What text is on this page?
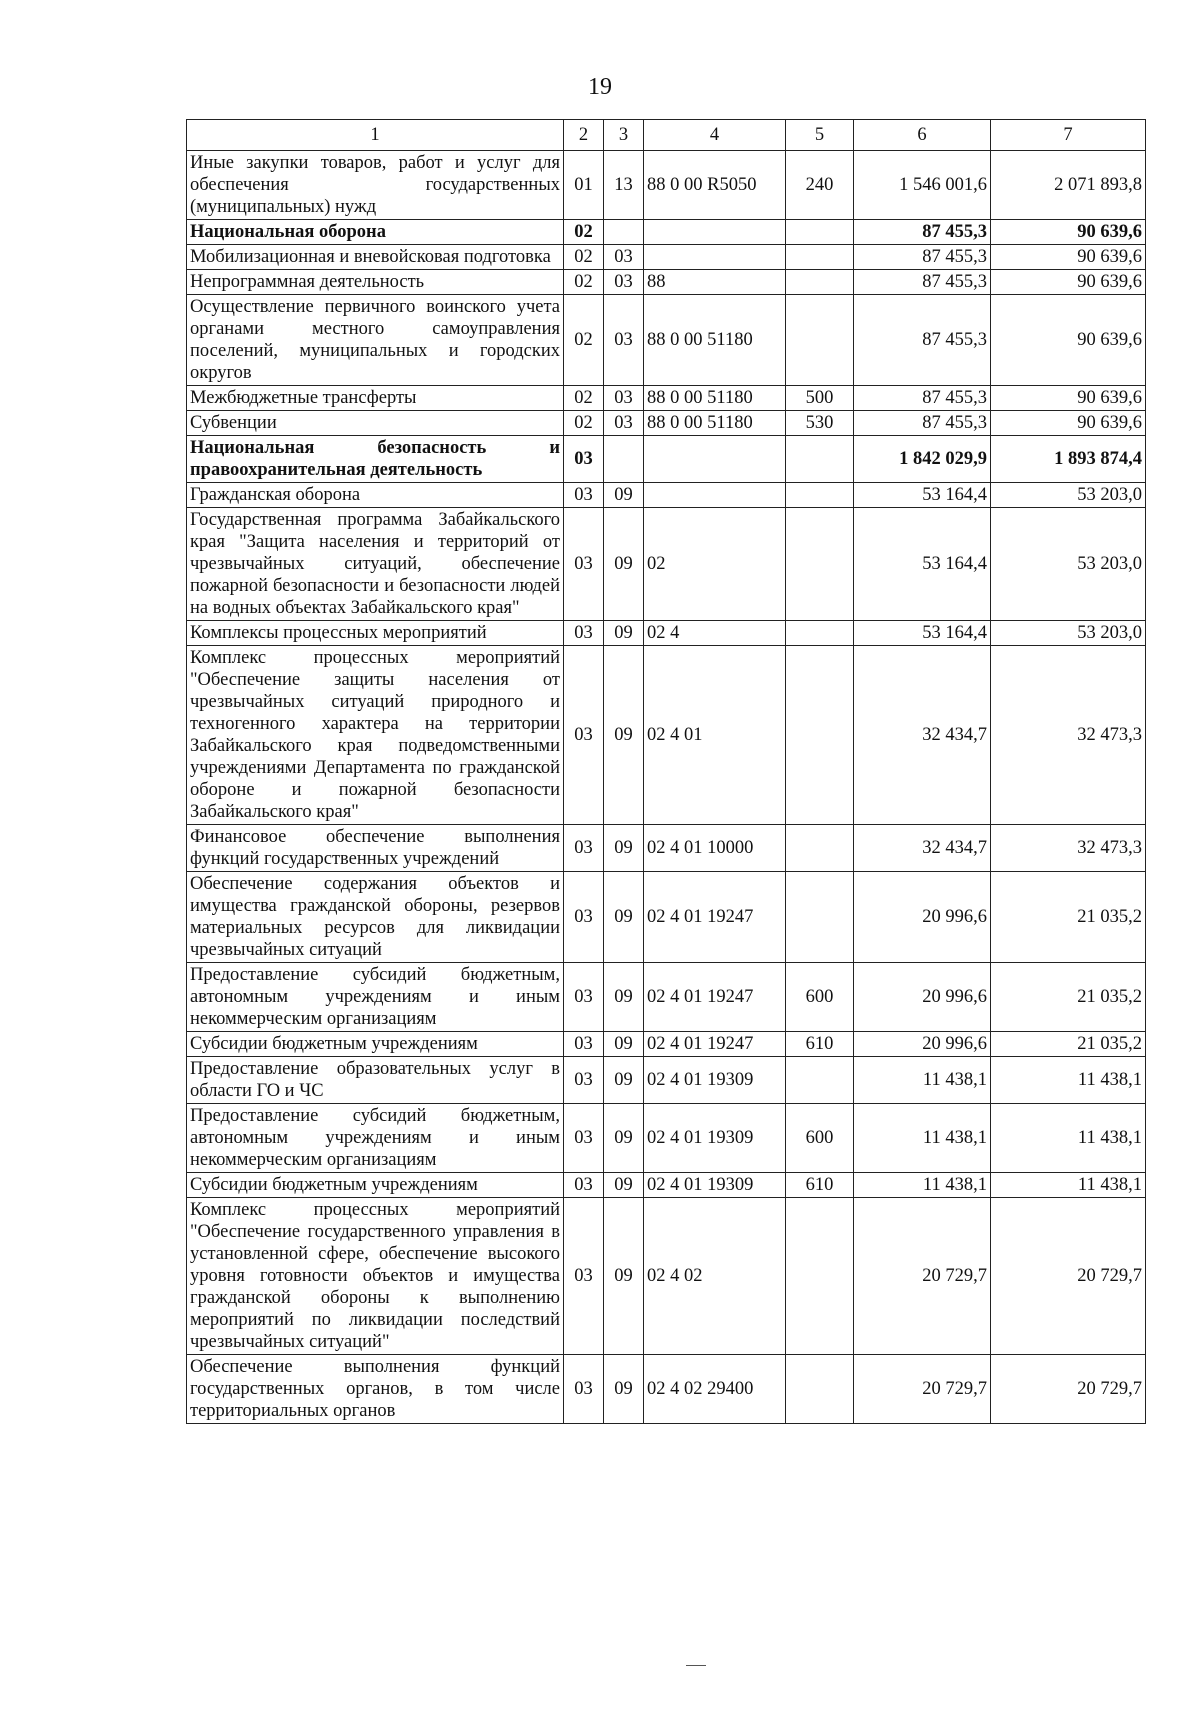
19
1	2	3	4	5	6	7
Иные закупки товаров, работ и услуг для обеспечения государственных (муниципальных) нужд	01	13	88 0 00 R5050	240	1 546 001,6	2 071 893,8
Национальная оборона	02				87 455,3	90 639,6
Мобилизационная и вневойсковая подготовка	02	03			87 455,3	90 639,6
Непрограммная деятельность	02	03	88		87 455,3	90 639,6
Осуществление первичного воинского учета органами местного самоуправления поселений, муниципальных и городских округов	02	03	88 0 00 51180		87 455,3	90 639,6
Межбюджетные трансферты	02	03	88 0 00 51180	500	87 455,3	90 639,6
Субвенции	02	03	88 0 00 51180	530	87 455,3	90 639,6
Национальная безопасность и правоохранительная деятельность	03				1 842 029,9	1 893 874,4
Гражданская оборона	03	09			53 164,4	53 203,0
Государственная программа Забайкальского края "Защита населения и территорий от чрезвычайных ситуаций, обеспечение пожарной безопасности и безопасности людей на водных объектах Забайкальского края"	03	09	02		53 164,4	53 203,0
Комплексы процессных мероприятий	03	09	02 4		53 164,4	53 203,0
Комплекс процессных мероприятий "Обеспечение защиты населения от чрезвычайных ситуаций природного и техногенного характера на территории Забайкальского края подведомственными учреждениями Департамента по гражданской обороне и пожарной безопасности Забайкальского края"	03	09	02 4 01		32 434,7	32 473,3
Финансовое обеспечение выполнения функций государственных учреждений	03	09	02 4 01 10000		32 434,7	32 473,3
Обеспечение содержания объектов и имущества гражданской обороны, резервов материальных ресурсов для ликвидации чрезвычайных ситуаций	03	09	02 4 01 19247		20 996,6	21 035,2
Предоставление субсидий бюджетным, автономным учреждениям и иным некоммерческим организациям	03	09	02 4 01 19247	600	20 996,6	21 035,2
Субсидии бюджетным учреждениям	03	09	02 4 01 19247	610	20 996,6	21 035,2
Предоставление образовательных услуг в области ГО и ЧС	03	09	02 4 01 19309		11 438,1	11 438,1
Предоставление субсидий бюджетным, автономным учреждениям и иным некоммерческим организациям	03	09	02 4 01 19309	600	11 438,1	11 438,1
Субсидии бюджетным учреждениям	03	09	02 4 01 19309	610	11 438,1	11 438,1
Комплекс процессных мероприятий "Обеспечение государственного управления в установленной сфере, обеспечение высокого уровня готовности объектов и имущества гражданской обороны к выполнению мероприятий по ликвидации последствий чрезвычайных ситуаций"	03	09	02 4 02		20 729,7	20 729,7
Обеспечение выполнения функций государственных органов, в том числе территориальных органов	03	09	02 4 02 29400		20 729,7	20 729,7
